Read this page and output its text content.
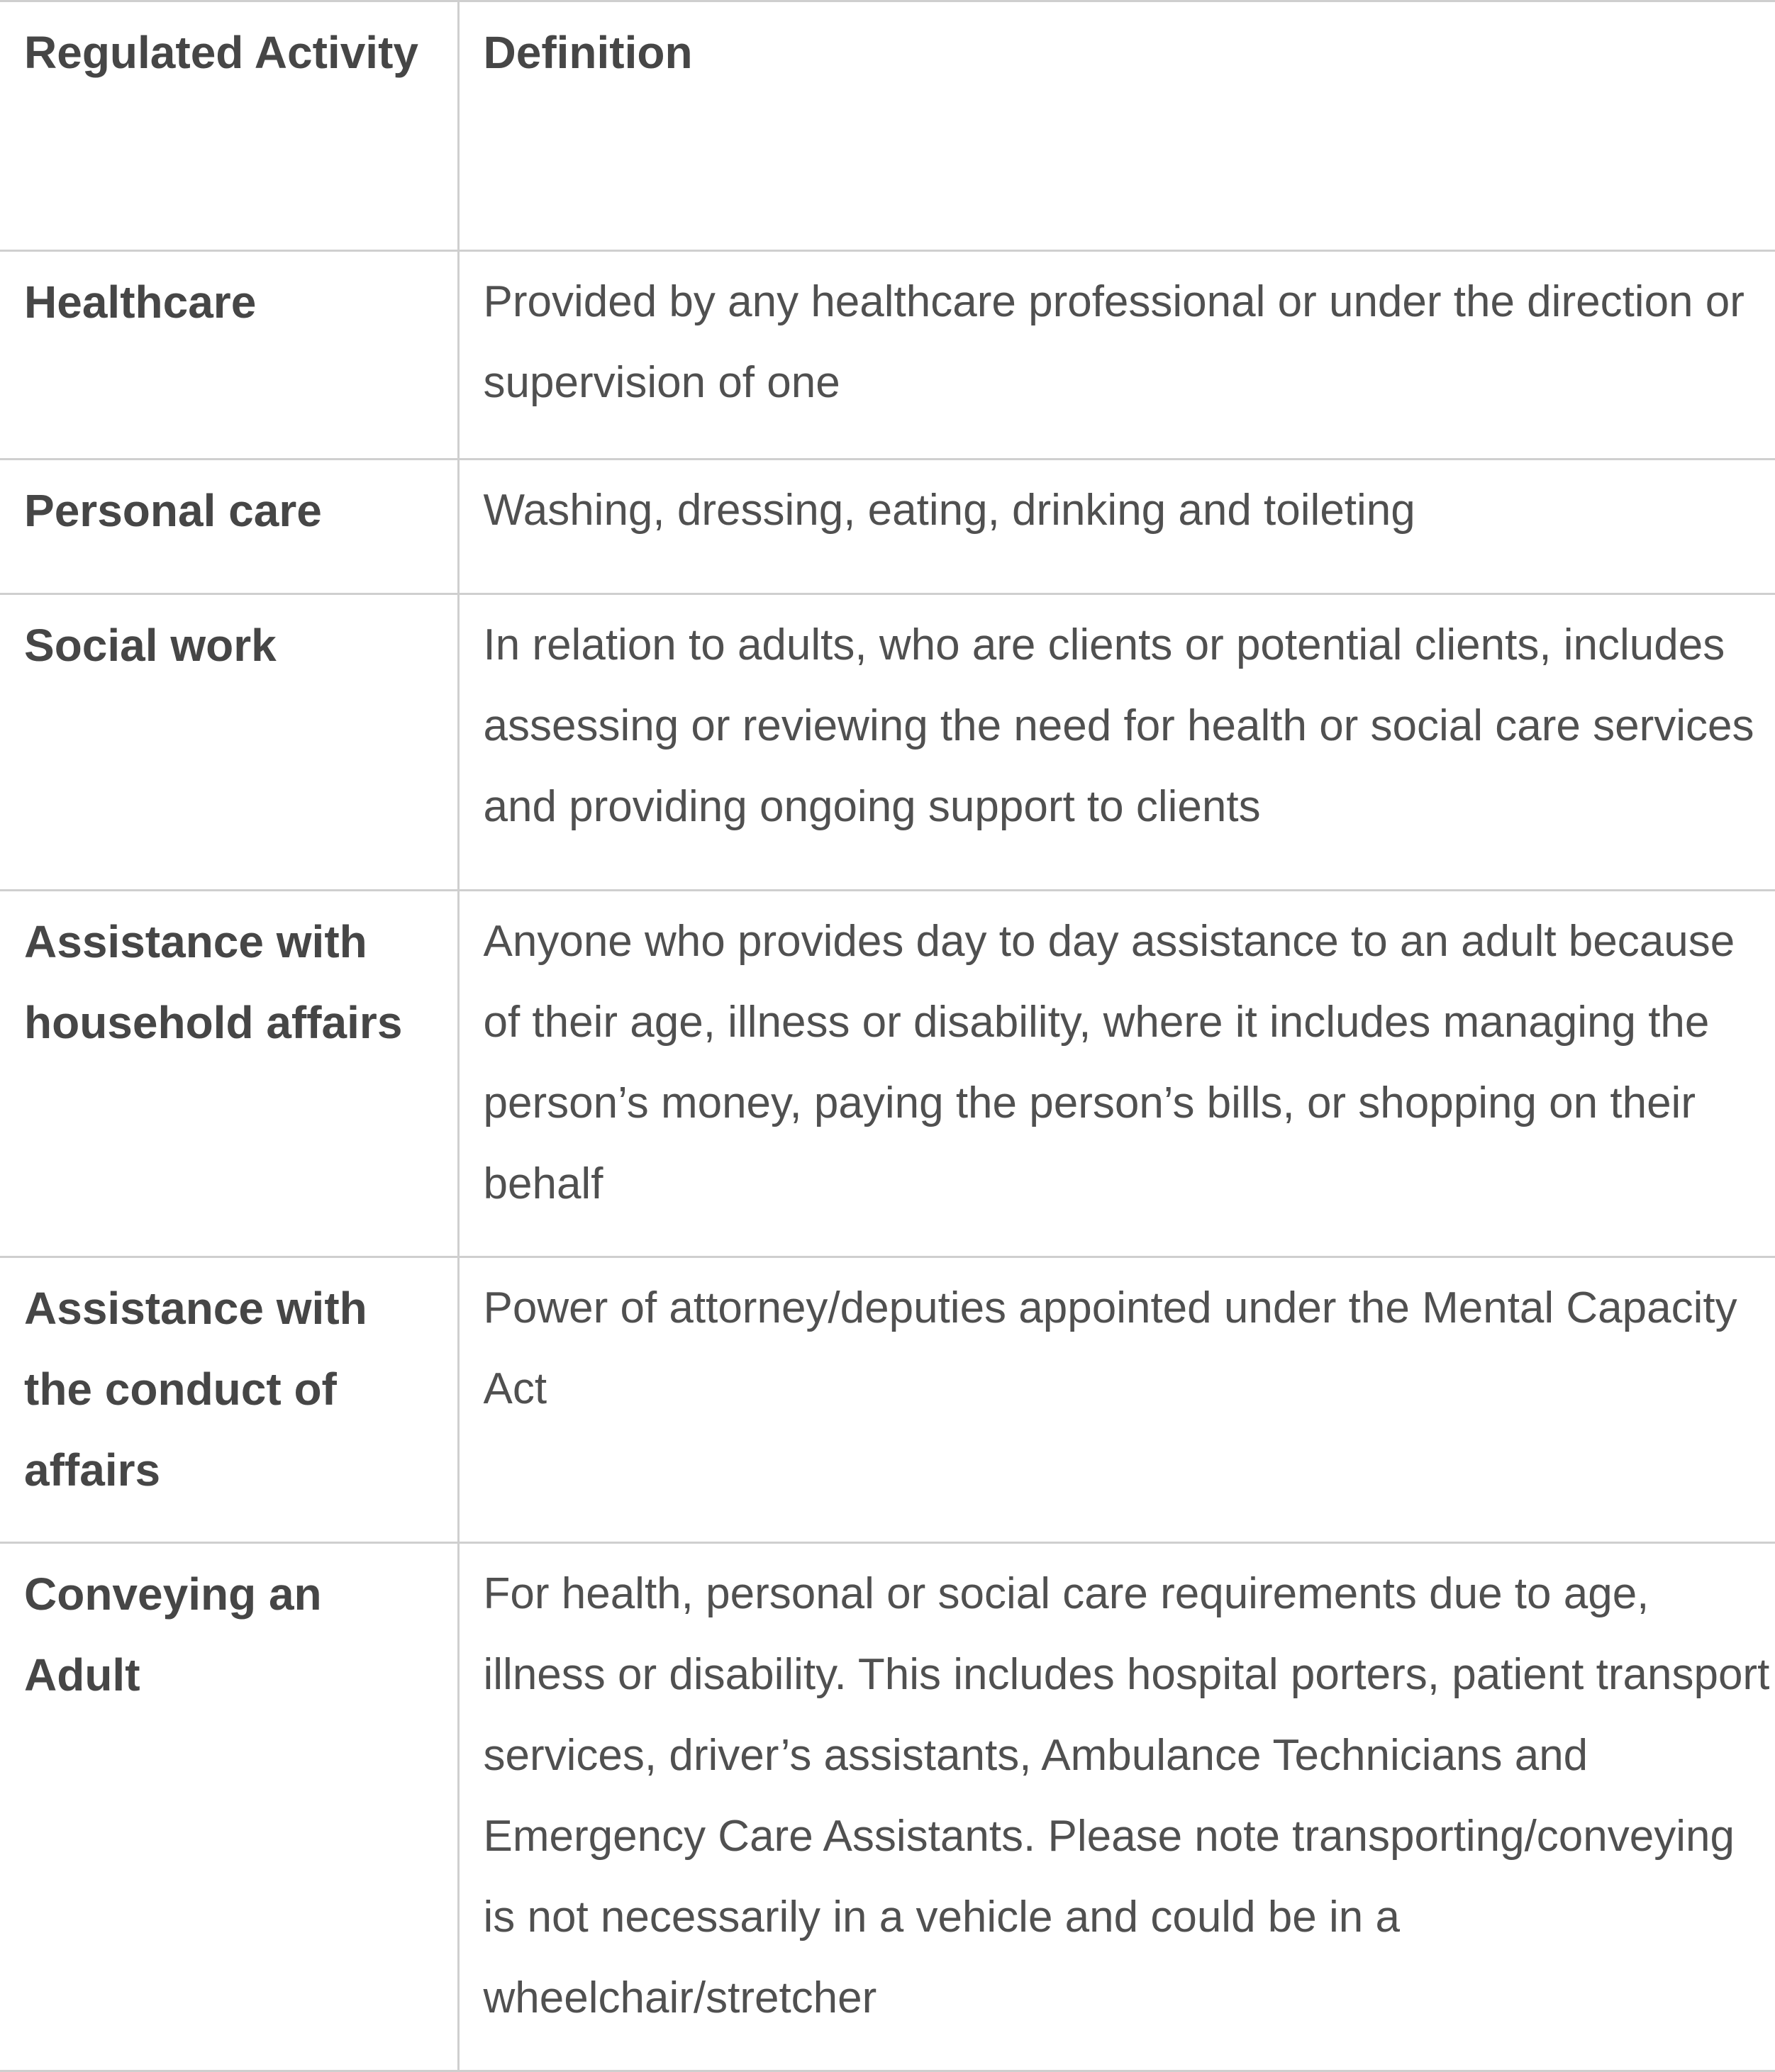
Regulated Activity	Definition

Healthcare	Provided by any healthcare professional or under the direction or supervision of one

Personal care	Washing, dressing, eating, drinking and toileting

Social work	In relation to adults, who are clients or potential clients, includes assessing or reviewing the need for health or social care services and providing ongoing support to clients

Assistance with household affairs	Anyone who provides day to day assistance to an adult because of their age, illness or disability, where it includes managing the person’s money, paying the person’s bills, or shopping on their behalf

Assistance with the conduct of affairs	Power of attorney/deputies appointed under the Mental Capacity Act

Conveying an Adult	For health, personal or social care requirements due to age, illness or disability. This includes hospital porters, patient transport services, driver’s assistants, Ambulance Technicians and Emergency Care Assistants. Please note transporting/conveying is not necessarily in a vehicle and could be in a wheelchair/stretcher
